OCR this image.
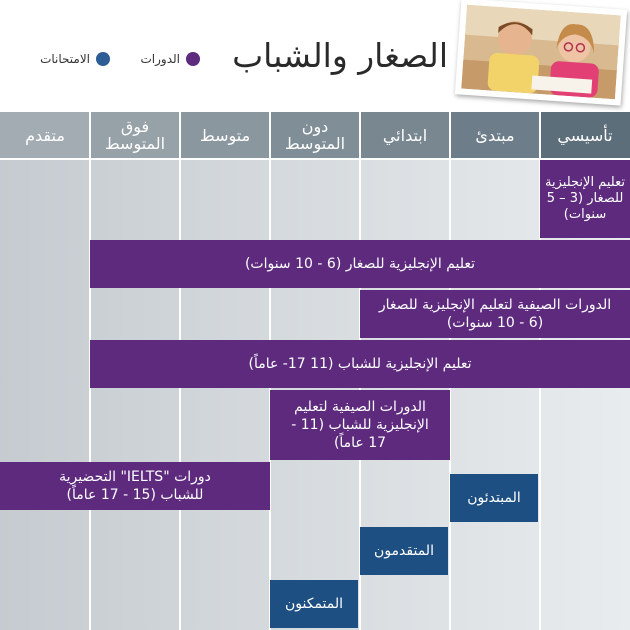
الصغار والشباب
الدورات
الامتحانات
تأسيسي
مبتدئ
ابتدائي
دون المتوسط
متوسط
فوق المتوسط
متقدم
تعليم الإنجليزية للصغار (3 – 5 سنوات)
تعليم الإنجليزية للصغار (6 - 10 سنوات)
الدورات الصيفية لتعليم الإنجليزية للصغار (6 - 10 سنوات)
تعليم الإنجليزية للشباب (11 17- عاماً)
الدورات الصيفية لتعليم الإنجليزية للشباب (11 - 17 عاماً)
دورات "IELTS" التحضيرية للشباب (15 - 17 عاماً)	المبتدئون
المتقدمون
المتمكنون
